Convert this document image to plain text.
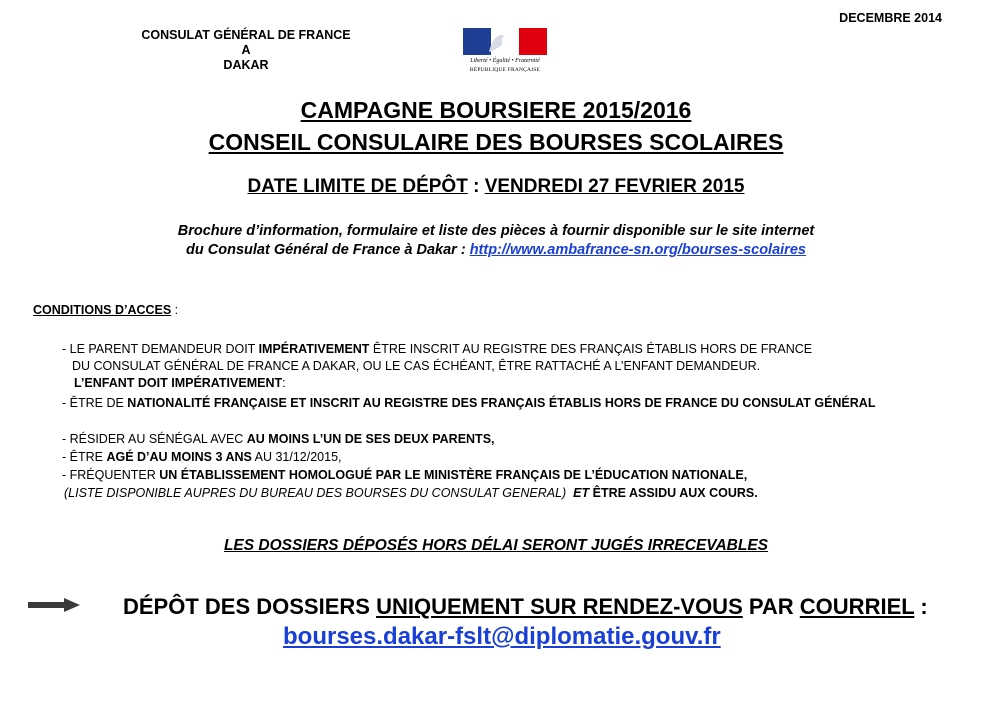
CONSULAT GÉNÉRAL DE FRANCE
A
DAKAR
DECEMBRE 2014
Liberté • Égalité • Fraternité
RÉPUBLIQUE FRANÇAISE
CAMPAGNE BOURSIERE 2015/2016
CONSEIL CONSULAIRE DES BOURSES SCOLAIRES
DATE LIMITE DE DÉPÔT : VENDREDI 27 FEVRIER 2015
Brochure d’information, formulaire et liste des pièces à fournir disponible sur le site internet
du Consulat Général de France à Dakar : http://www.ambafrance-sn.org/bourses-scolaires
CONDITIONS D’ACCES :
- LE PARENT DEMANDEUR DOIT IMPÉRATIVEMENT ÊTRE INSCRIT AU REGISTRE DES FRANÇAIS ÉTABLIS HORS DE FRANCE
DU CONSULAT GÉNÉRAL DE FRANCE A DAKAR, OU LE CAS ÉCHÉANT, ÊTRE RATTACHÉ A L’ENFANT DEMANDEUR.
L’ENFANT DOIT IMPÉRATIVEMENT:
- ÊTRE DE NATIONALITÉ FRANÇAISE ET INSCRIT AU REGISTRE DES FRANÇAIS ÉTABLIS HORS DE FRANCE DU CONSULAT GÉNÉRAL
- RÉSIDER AU SÉNÉGAL AVEC AU MOINS L’UN DE SES DEUX PARENTS,
- ÊTRE AGÉ D’AU MOINS 3 ANS AU 31/12/2015,
- FRÉQUENTER UN ÉTABLISSEMENT HOMOLOGUÉ PAR LE MINISTÈRE FRANÇAIS DE L’ÉDUCATION NATIONALE,
(LISTE DISPONIBLE AUPRES DU BUREAU DES BOURSES DU CONSULAT GENERAL) ET ÊTRE ASSIDU AUX COURS.
LES DOSSIERS DÉPOSÉS HORS DÉLAI SERONT JUGÉS IRRECEVABLES
DÉPÔT DES DOSSIERS UNIQUEMENT SUR RENDEZ-VOUS PAR COURRIEL :
bourses.dakar-fslt@diplomatie.gouv.fr
